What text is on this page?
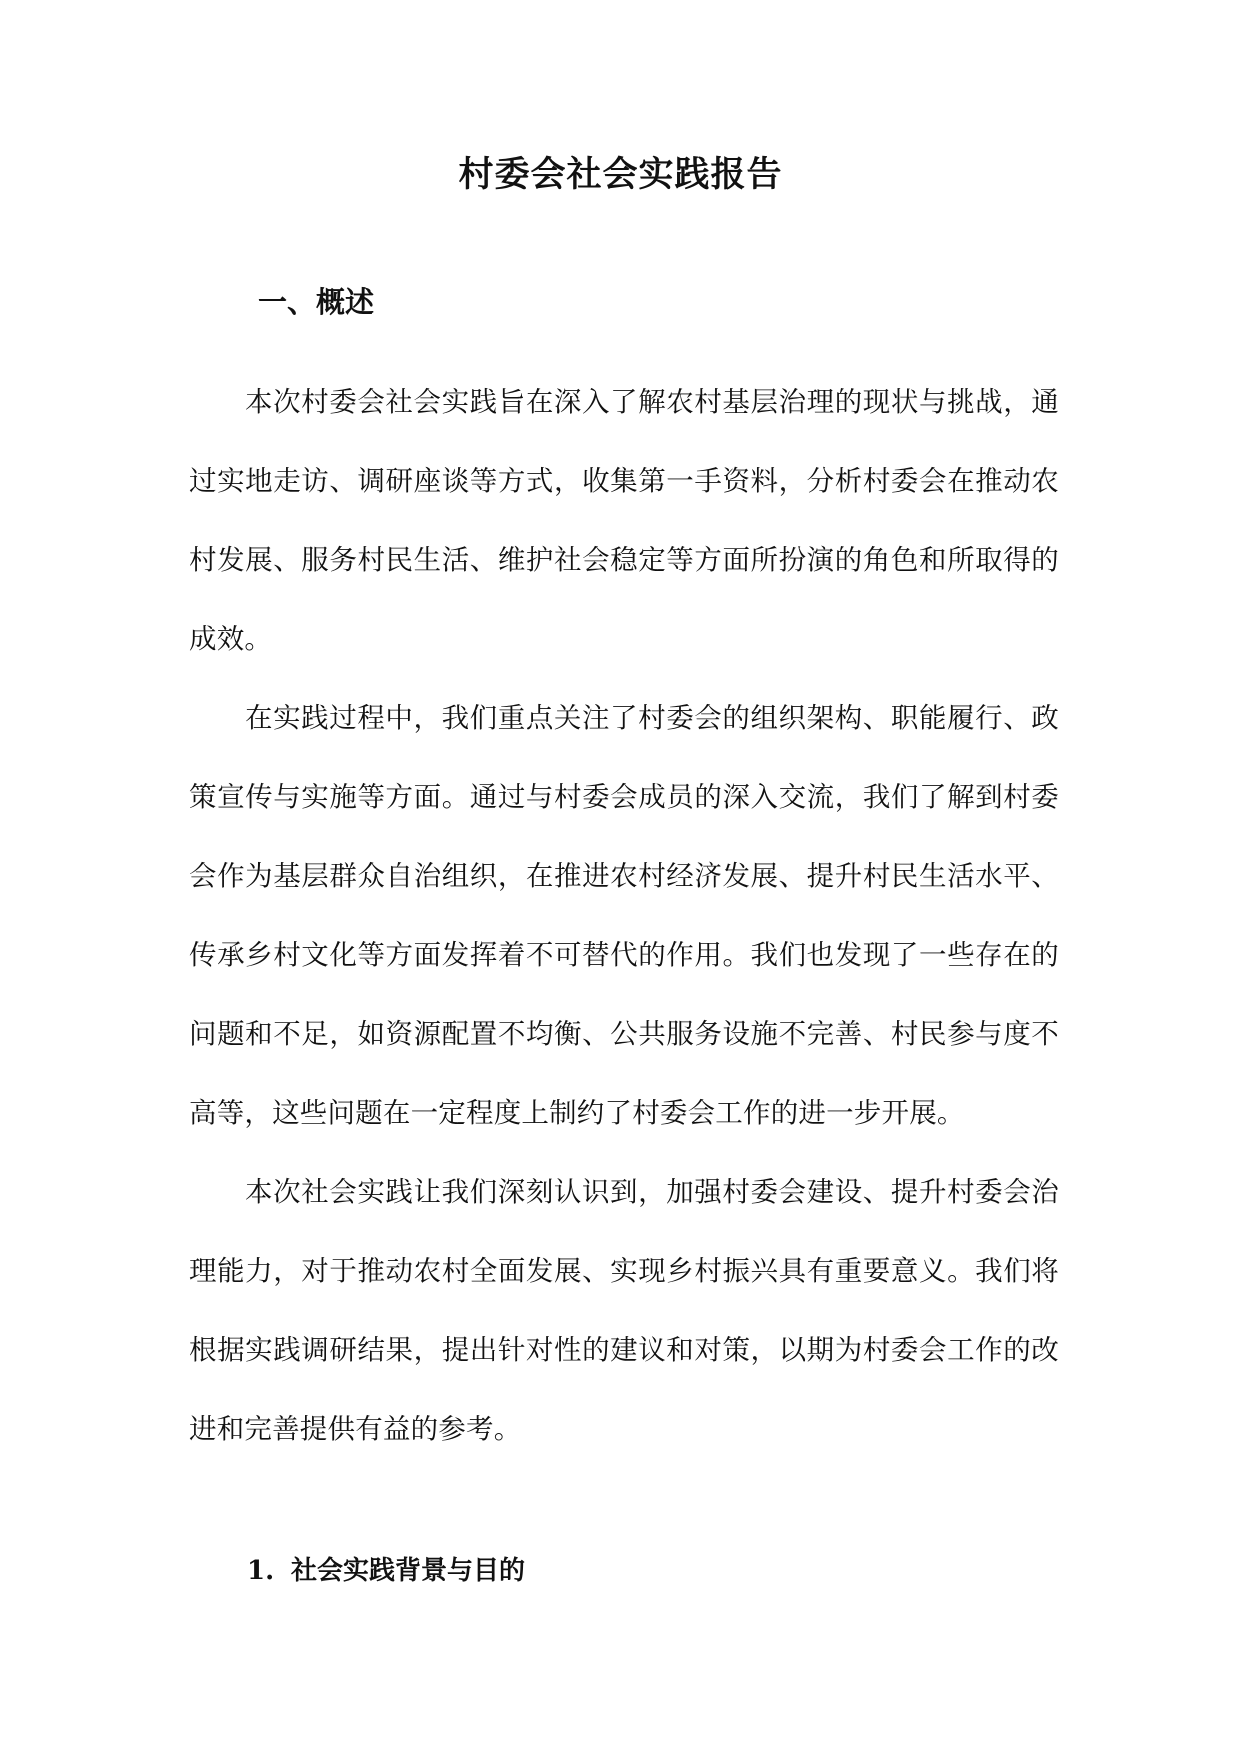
村委会社会实践报告
一、概述

本次村委会社会实践旨在深入了解农村基层治理的现状与挑战，通过实地走访、调研座谈等方式，收集第一手资料，分析村委会在推动农村发展、服务村民生活、维护社会稳定等方面所扮演的角色和所取得的成效。

在实践过程中，我们重点关注了村委会的组织架构、职能履行、政策宣传与实施等方面。通过与村委会成员的深入交流，我们了解到村委会作为基层群众自治组织，在推进农村经济发展、提升村民生活水平、传承乡村文化等方面发挥着不可替代的作用。我们也发现了一些存在的问题和不足，如资源配置不均衡、公共服务设施不完善、村民参与度不高等，这些问题在一定程度上制约了村委会工作的进一步开展。

本次社会实践让我们深刻认识到，加强村委会建设、提升村委会治理能力，对于推动农村全面发展、实现乡村振兴具有重要意义。我们将根据实践调研结果，提出针对性的建议和对策，以期为村委会工作的改进和完善提供有益的参考。

1. 社会实践背景与目的
